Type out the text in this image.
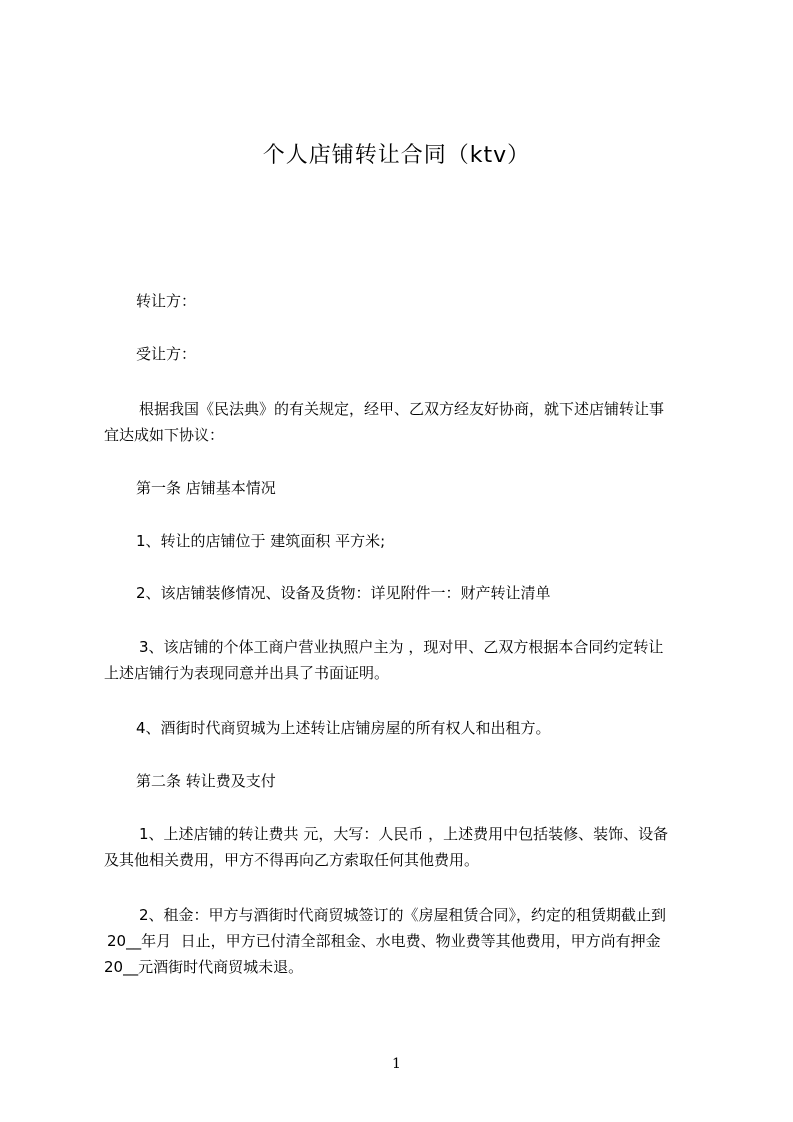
个人店铺转让合同（ktv）
转让方：
受让方：
根据我国《民法典》的有关规定，经甲、乙双方经友好协商，就下述店铺转让事
宜达成如下协议：
第一条 店铺基本情况
1、转让的店铺位于 建筑面积 平方米;
2、该店铺装修情况、设备及货物：详见附件一：财产转让清单
3、该店铺的个体工商户营业执照户主为 ，现对甲、乙双方根据本合同约定转让
上述店铺行为表现同意并出具了书面证明。
4、酒街时代商贸城为上述转让店铺房屋的所有权人和出租方。
第二条 转让费及支付
1、上述店铺的转让费共 元，大写：人民币 ，上述费用中包括装修、装饰、设备
及其他相关费用，甲方不得再向乙方索取任何其他费用。
2、租金：甲方与酒街时代商贸城签订的《房屋租赁合同》，约定的租赁期截止到
20__年月  日止，甲方已付清全部租金、水电费、物业费等其他费用，甲方尚有押金
20__元酒街时代商贸城未退。
1
